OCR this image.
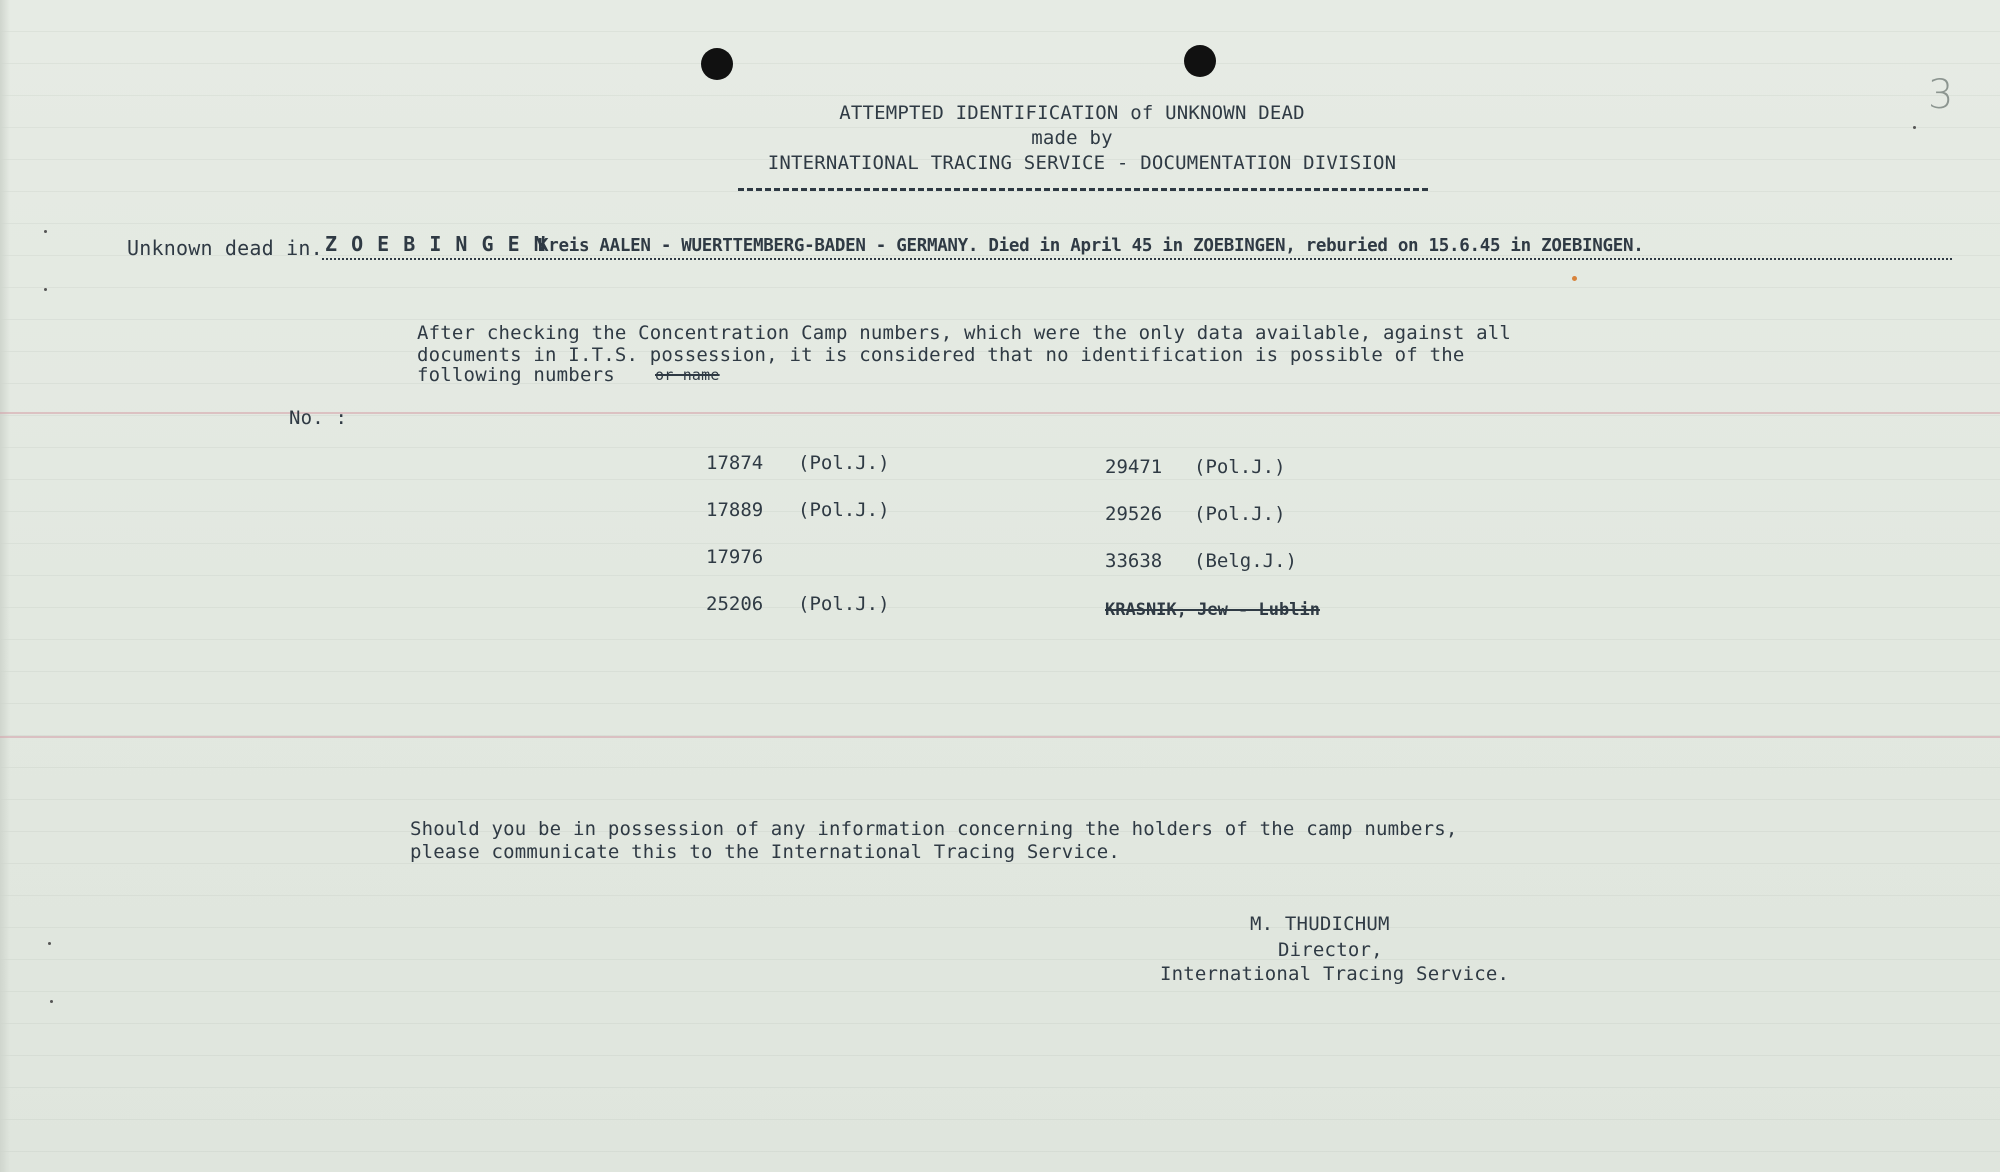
3
ATTEMPTED IDENTIFICATION of UNKNOWN DEAD
made by
INTERNATIONAL TRACING SERVICE - DOCUMENTATION DIVISION
Unknown dead in. Z O E B I N G E N
Kreis AALEN - WUERTTEMBERG-BADEN - GERMANY. Died in April 45 in ZOEBINGEN, reburied on 15.6.45 in ZOEBINGEN.
After checking the Concentration Camp numbers, which were the only data available, against all
documents in I.T.S. possession, it is considered that no identification is possible of the
following numbers	or name
No. :
17874 (Pol.J.)
17889 (Pol.J.)
17976
25206 (Pol.J.)
29471 (Pol.J.)
29526 (Pol.J.)
33638 (Belg.J.)
KRASNIK, Jew - Lublin
Should you be in possession of any information concerning the holders of the camp numbers,
please communicate this to the International Tracing Service.
M. THUDICHUM
Director,
International Tracing Service.
